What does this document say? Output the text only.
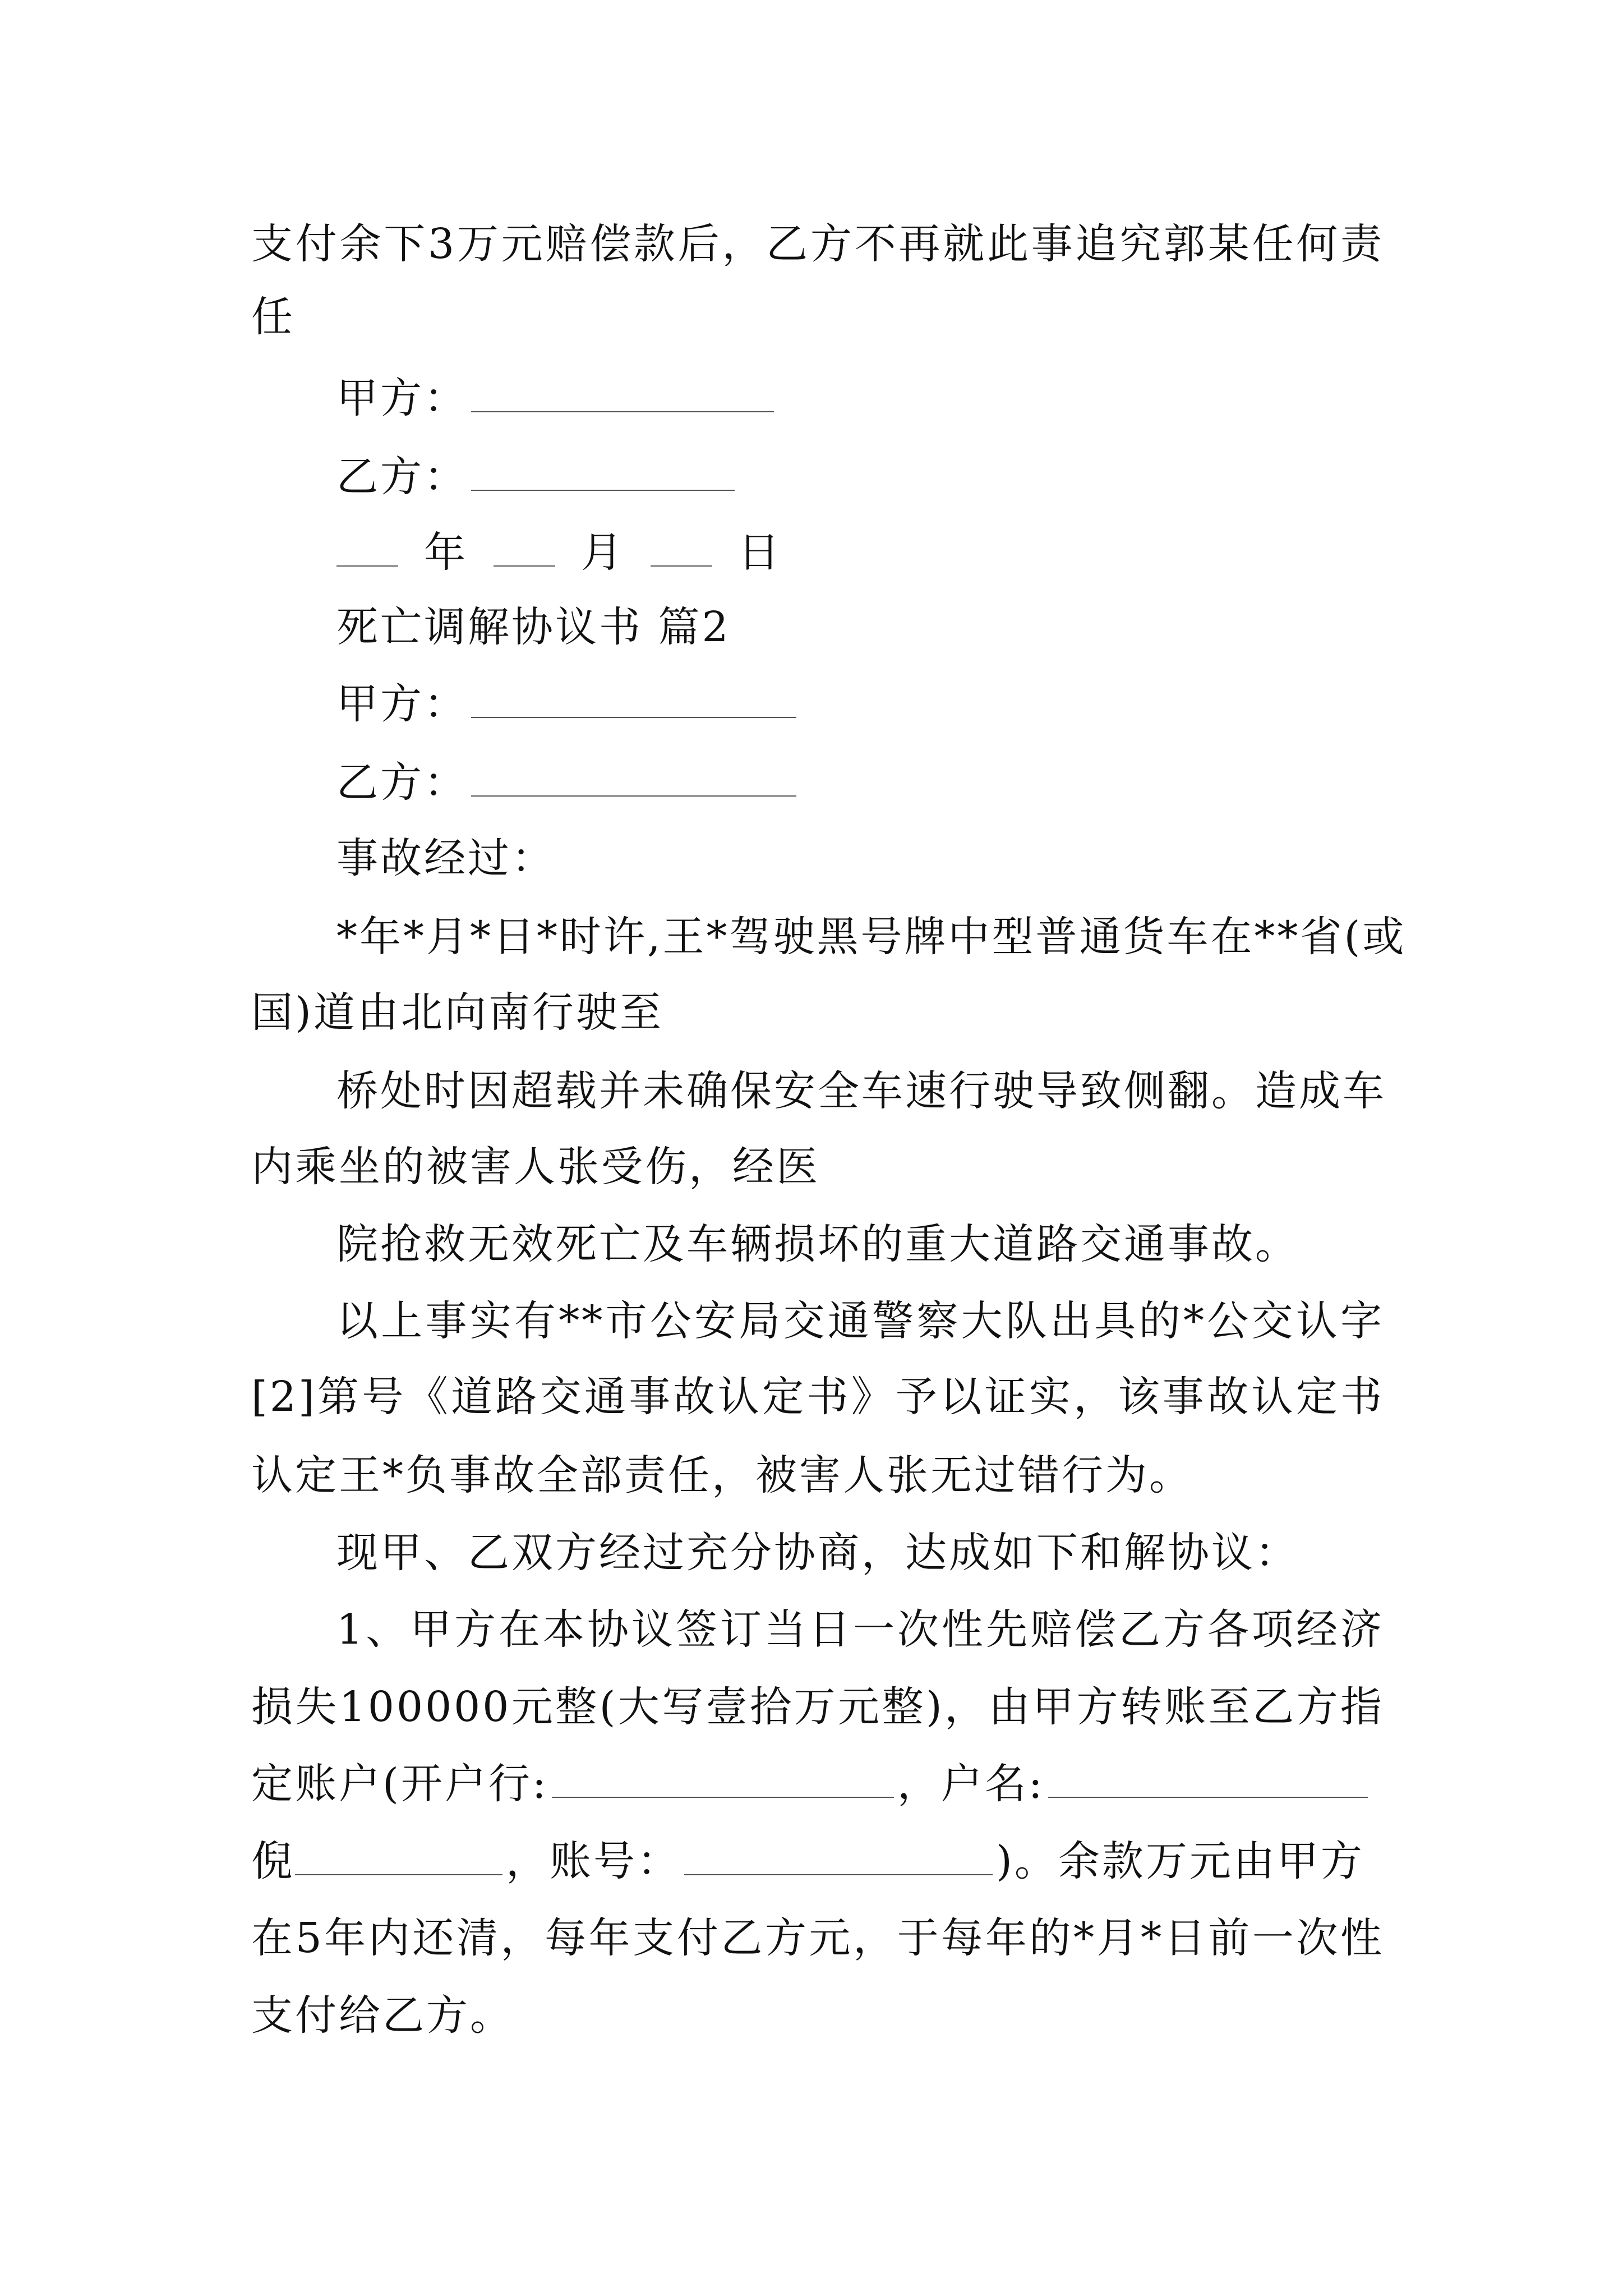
支付余下3万元赔偿款后，乙方不再就此事追究郭某任何责
任
甲方：
乙方：
年	月	日
死亡调解协议书 篇2
甲方：
乙方：
事故经过：
*年*月*日*时许,王*驾驶黑号牌中型普通货车在**省(或
国)道由北向南行驶至
桥处时因超载并未确保安全车速行驶导致侧翻。造成车
内乘坐的被害人张受伤，经医
院抢救无效死亡及车辆损坏的重大道路交通事故。
以上事实有**市公安局交通警察大队出具的*公交认字
[2]第号《道路交通事故认定书》予以证实，该事故认定书
认定王*负事故全部责任，被害人张无过错行为。
现甲、乙双方经过充分协商，达成如下和解协议：
1、甲方在本协议签订当日一次性先赔偿乙方各项经济
损失100000元整(大写壹拾万元整)，由甲方转账至乙方指
定账户(开户行:	，户名:
倪	，账号：	)。余款万元由甲方
在5年内还清，每年支付乙方元，于每年的*月*日前一次性
支付给乙方。
